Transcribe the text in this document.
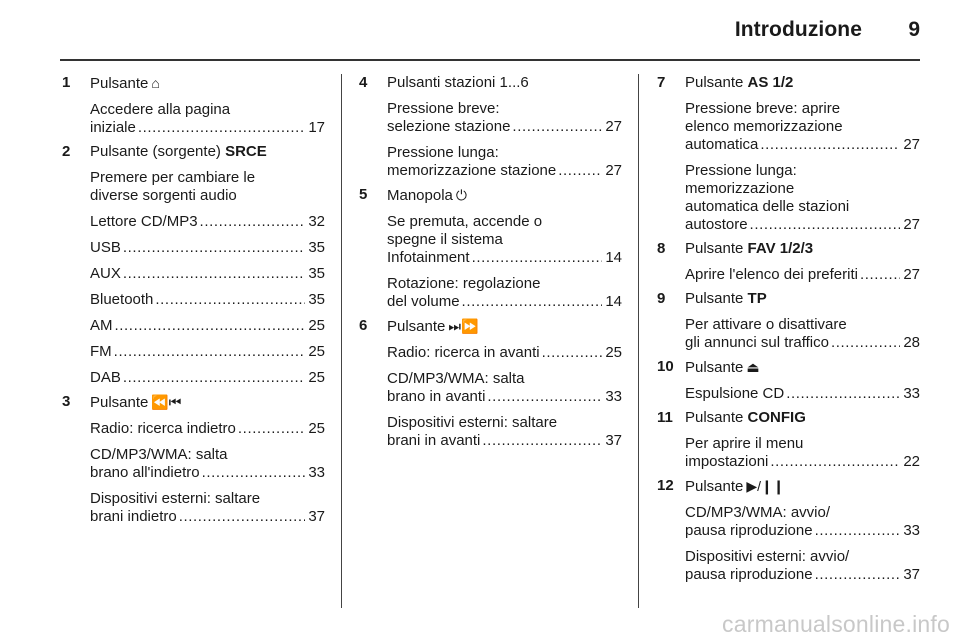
Introduzione 9
1 Pulsante ⌂
Accedere alla pagina
iniziale .....	17
2 Pulsante (sorgente) SRCE
Premere per cambiare le
diverse sorgenti audio
Lettore CD/MP3 .....	32
USB .....	35
AUX .....	35
Bluetooth .....	35
AM .....	25
FM .....	25
DAB .....	25
3 Pulsante ⏪⏮
Radio: ricerca indietro .....	25
CD/MP3/WMA: salta
brano all'indietro .....	33
Dispositivi esterni: saltare
brani indietro .....	37
4 Pulsanti stazioni 1...6
Pressione breve:
selezione stazione .....	27
Pressione lunga:
memorizzazione stazione .....	27
5 Manopola ⏻
Se premuta, accende o
spegne il sistema
Infotainment .....	14
Rotazione: regolazione
del volume .....	14
6 Pulsante ⏭⏩
Radio: ricerca in avanti .....	25
CD/MP3/WMA: salta
brano in avanti .....	33
Dispositivi esterni: saltare
brani in avanti .....	37
7 Pulsante AS 1/2
Pressione breve: aprire
elenco memorizzazione
automatica .....	27
Pressione lunga:
memorizzazione
automatica delle stazioni
autostore .....	27
8 Pulsante FAV 1/2/3
Aprire l'elenco dei preferiti .....	27
9 Pulsante TP
Per attivare o disattivare
gli annunci sul traffico .....	28
10 Pulsante ⏏
Espulsione CD .....	33
11 Pulsante CONFIG
Per aprire il menu
impostazioni .....	22
12 Pulsante ▶/❙❙
CD/MP3/WMA: avvio/
pausa riproduzione .....	33
Dispositivi esterni: avvio/
pausa riproduzione .....	37
carmanualsonline.info
